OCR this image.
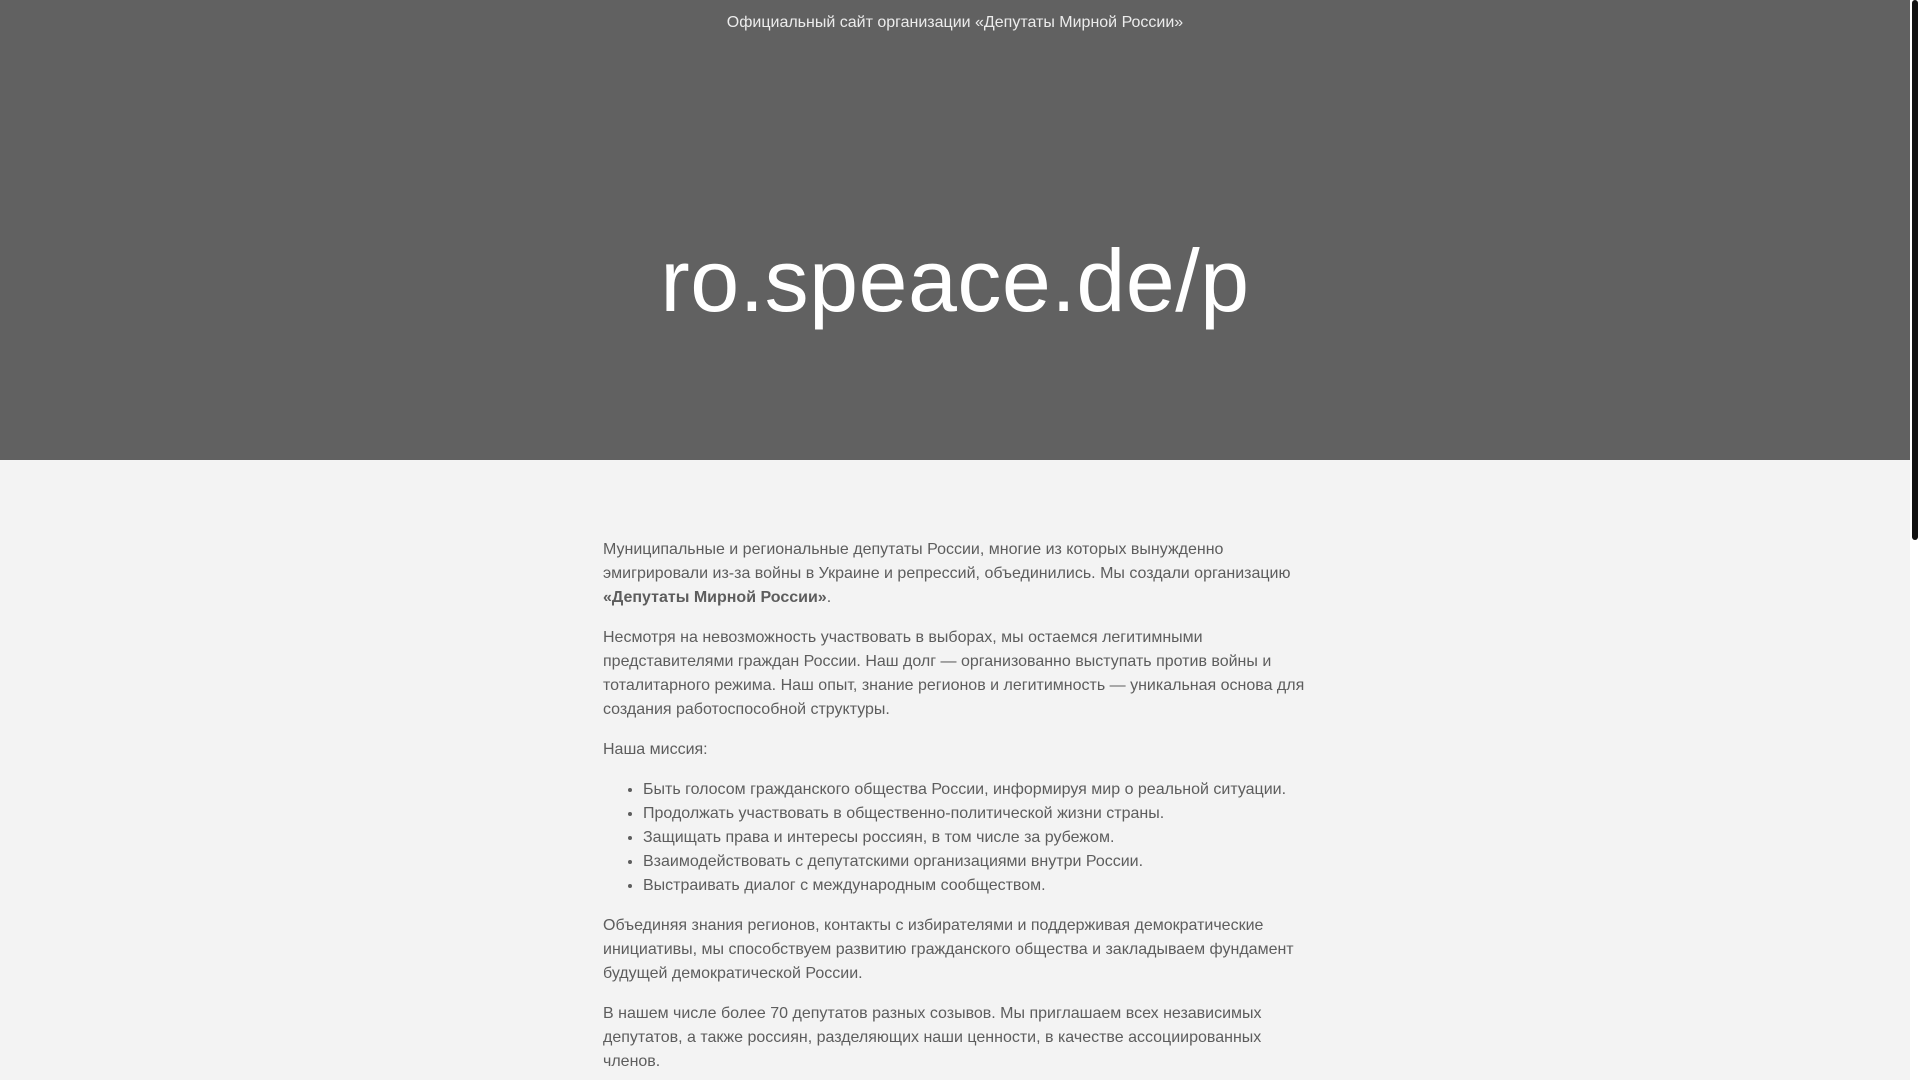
Официальный сайт организации «Депутаты Мирной России»
ro.speace.de/p

Муниципальные и региональные депутаты России, многие из которых вынужденно эмигрировали из-за войны в Украине и репрессий, объединились. Мы создали организацию «Депутаты Мирной России».

Несмотря на невозможность участвовать в выборах, мы остаемся легитимными представителями граждан России. Наш долг — организованно выступать против войны и тоталитарного режима. Наш опыт, знание регионов и легитимность — уникальная основа для создания работоспособной структуры.

Наша миссия:

• Быть голосом гражданского общества России, информируя мир о реальной ситуации.
• Продолжать участвовать в общественно-политической жизни страны.
• Защищать права и интересы россиян, в том числе за рубежом.
• Взаимодействовать с депутатскими организациями внутри России.
• Выстраивать диалог с международным сообществом.

Объединяя знания регионов, контакты с избирателями и поддерживая демократические инициативы, мы способствуем развитию гражданского общества и закладываем фундамент будущей демократической России.

В нашем числе более 70 депутатов разных созывов. Мы приглашаем всех независимых депутатов, а также россиян, разделяющих наши ценности, в качестве ассоциированных членов.
